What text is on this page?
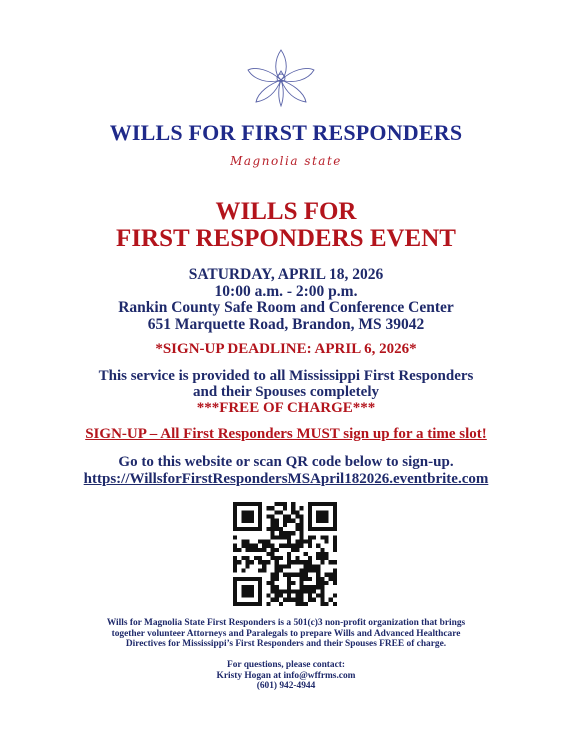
WILLS FOR FIRST RESPONDERS
Magnolia state
WILLS FOR
FIRST RESPONDERS EVENT
SATURDAY, APRIL 18, 2026
10:00 a.m. - 2:00 p.m.
Rankin County Safe Room and Conference Center
651 Marquette Road, Brandon, MS 39042
*SIGN-UP DEADLINE: APRIL 6, 2026*
This service is provided to all Mississippi First Responders
and their Spouses completely
***FREE OF CHARGE***
SIGN-UP – All First Responders MUST sign up for a time slot!
Go to this website or scan QR code below to sign-up.
https://WillsforFirstRespondersMSApril182026.eventbrite.com
Wills for Magnolia State First Responders is a 501(c)3 non-profit organization that brings
together volunteer Attorneys and Paralegals to prepare Wills and Advanced Healthcare
Directives for Mississippi’s First Responders and their Spouses FREE of charge.
For questions, please contact:
Kristy Hogan at info@wffrms.com
(601) 942-4944
